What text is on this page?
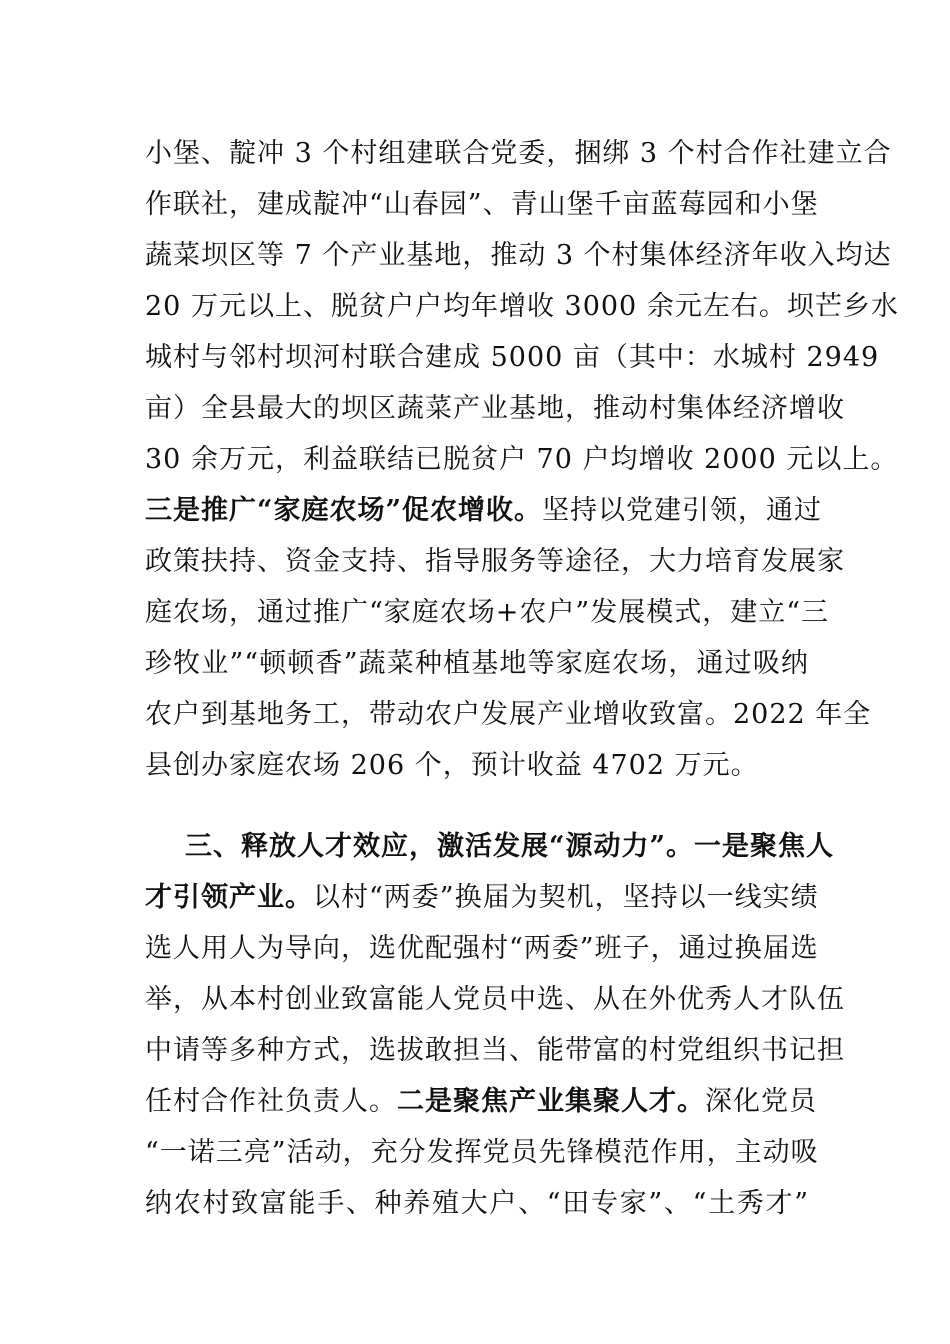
小堡、靛冲 3 个村组建联合党委，捆绑 3 个村合作社建立合
作联社，建成靛冲“山春园”、青山堡千亩蓝莓园和小堡
蔬菜坝区等 7 个产业基地，推动 3 个村集体经济年收入均达
20 万元以上、脱贫户户均年增收 3000 余元左右。坝芒乡水
城村与邻村坝河村联合建成 5000 亩（其中：水城村 2949
亩）全县最大的坝区蔬菜产业基地，推动村集体经济增收
30 余万元，利益联结已脱贫户 70 户均增收 2000 元以上。
三是推广“家庭农场”促农增收。坚持以党建引领，通过
政策扶持、资金支持、指导服务等途径，大力培育发展家
庭农场，通过推广“家庭农场+农户”发展模式，建立“三
珍牧业”“顿顿香”蔬菜种植基地等家庭农场，通过吸纳
农户到基地务工，带动农户发展产业增收致富。2022 年全
县创办家庭农场 206 个，预计收益 4702 万元。
三、释放人才效应，激活发展“源动力”。一是聚焦人
才引领产业。以村“两委”换届为契机，坚持以一线实绩
选人用人为导向，选优配强村“两委”班子，通过换届选
举，从本村创业致富能人党员中选、从在外优秀人才队伍
中请等多种方式，选拔敢担当、能带富的村党组织书记担
任村合作社负责人。二是聚焦产业集聚人才。深化党员
“一诺三亮”活动，充分发挥党员先锋模范作用，主动吸
纳农村致富能手、种养殖大户、“田专家”、“土秀才”
